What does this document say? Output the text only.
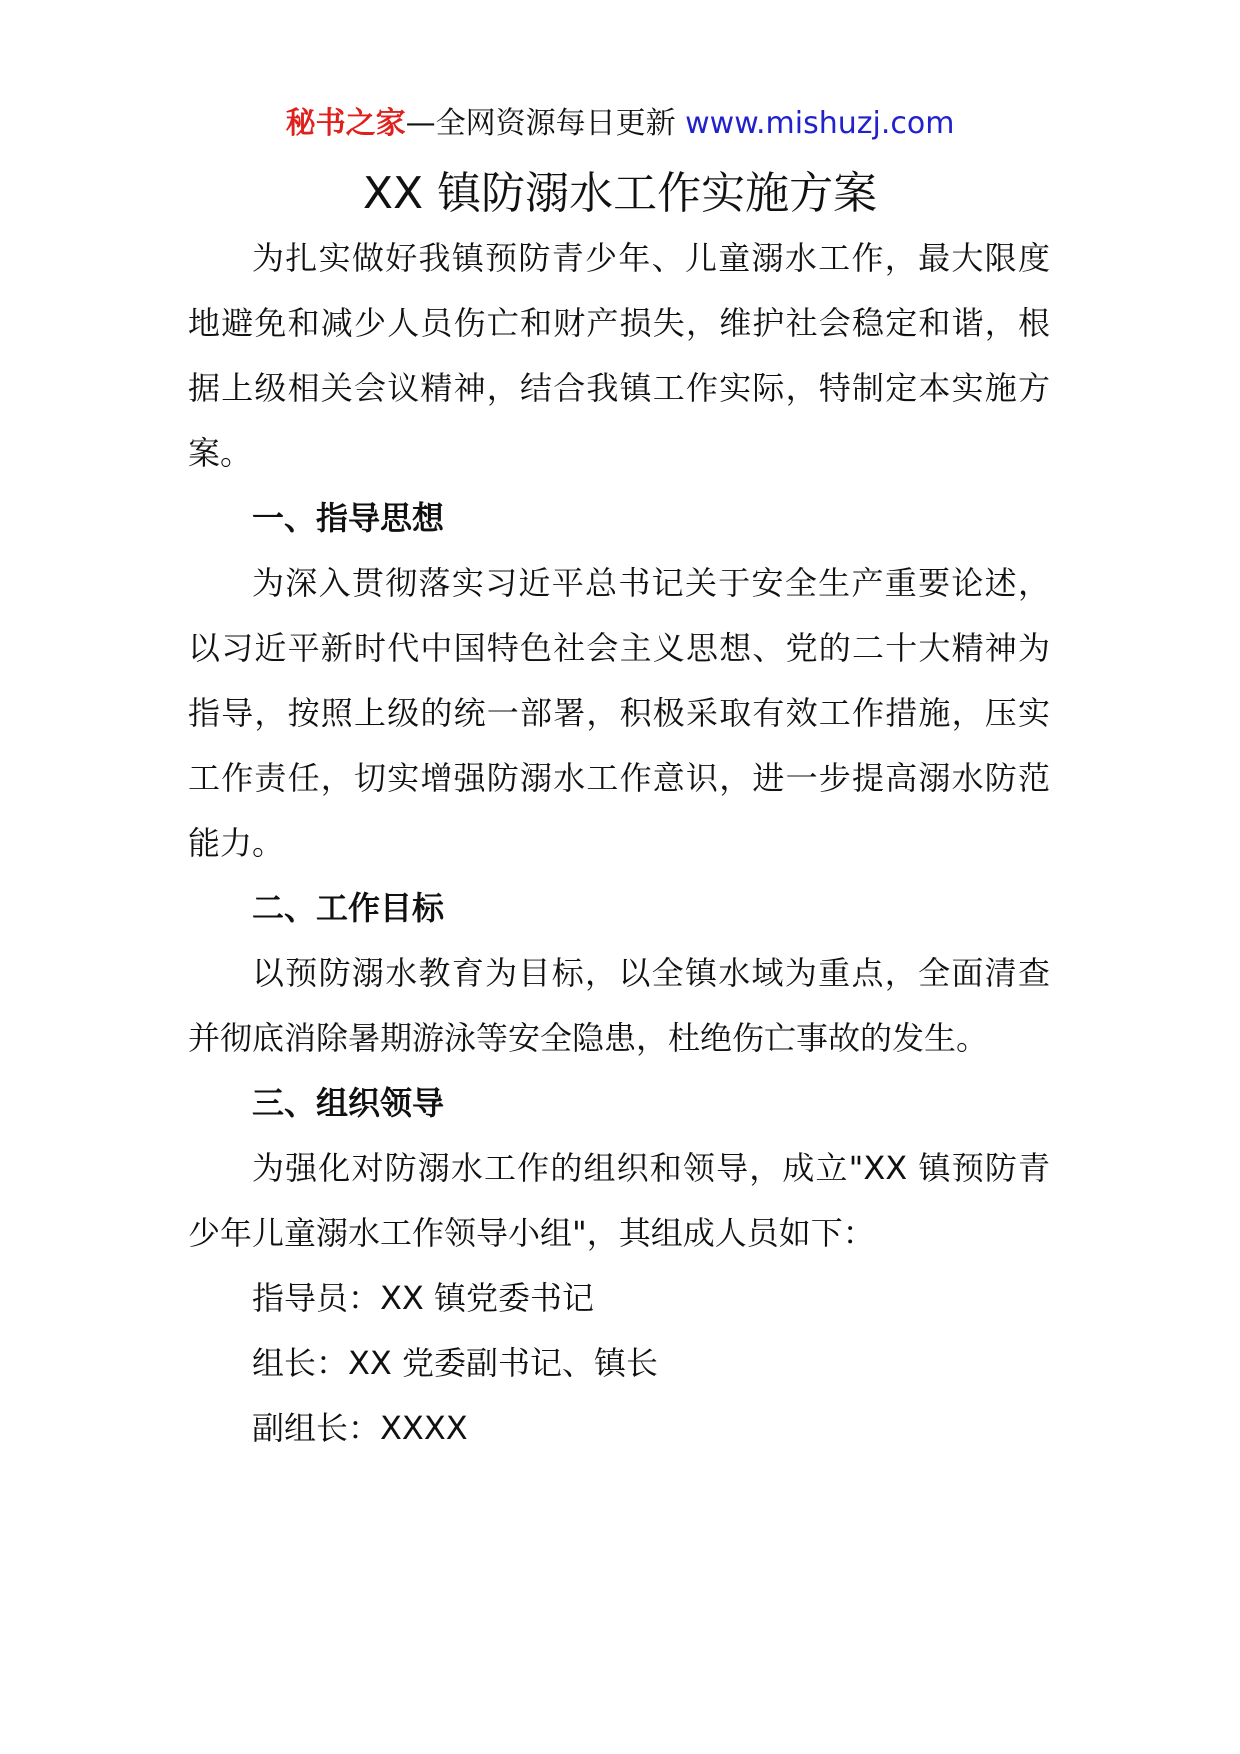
秘书之家—全网资源每日更新 www.mishuzj.com
XX 镇防溺水工作实施方案

为扎实做好我镇预防青少年、儿童溺水工作，最大限度地避免和减少人员伤亡和财产损失，维护社会稳定和谐，根据上级相关会议精神，结合我镇工作实际，特制定本实施方案。

一、指导思想

为深入贯彻落实习近平总书记关于安全生产重要论述，以习近平新时代中国特色社会主义思想、党的二十大精神为指导，按照上级的统一部署，积极采取有效工作措施，压实工作责任，切实增强防溺水工作意识，进一步提高溺水防范能力。

二、工作目标

以预防溺水教育为目标，以全镇水域为重点，全面清查并彻底消除暑期游泳等安全隐患，杜绝伤亡事故的发生。

三、组织领导

为强化对防溺水工作的组织和领导，成立"XX 镇预防青少年儿童溺水工作领导小组"，其组成人员如下：

指导员：XX 镇党委书记

组长：XX 党委副书记、镇长

副组长：XXXX
